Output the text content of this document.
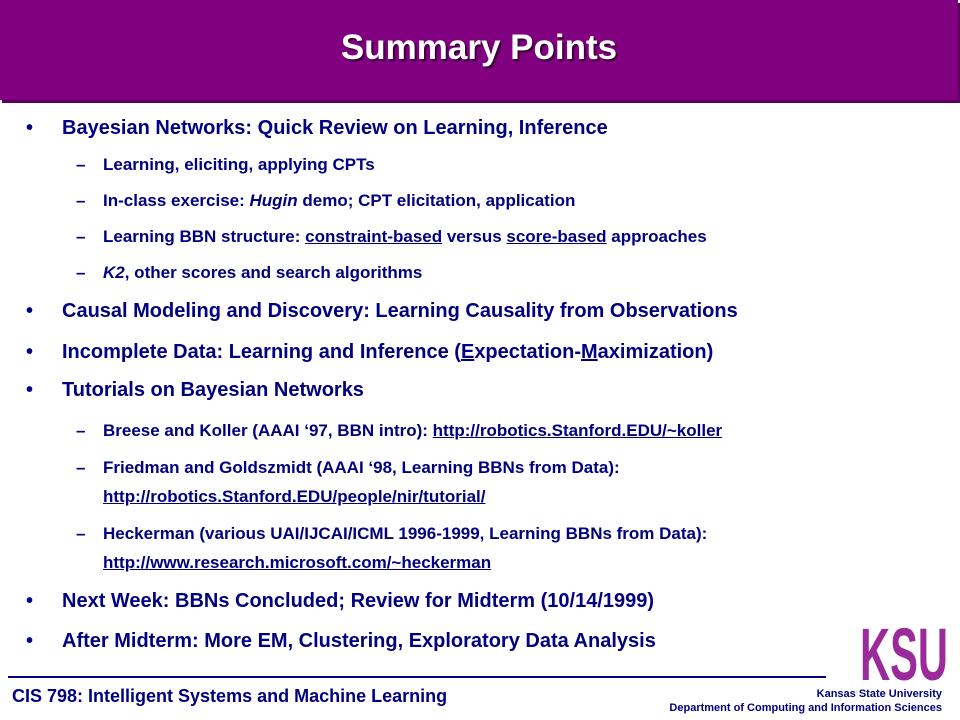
Summary Points
• Bayesian Networks: Quick Review on Learning, Inference
– Learning, eliciting, applying CPTs
– In-class exercise: Hugin demo; CPT elicitation, application
– Learning BBN structure: constraint-based versus score-based approaches
– K2, other scores and search algorithms
• Causal Modeling and Discovery: Learning Causality from Observations
• Incomplete Data: Learning and Inference (Expectation-Maximization)
• Tutorials on Bayesian Networks
– Breese and Koller (AAAI ‘97, BBN intro): http://robotics.Stanford.EDU/~koller
– Friedman and Goldszmidt (AAAI ‘98, Learning BBNs from Data):
http://robotics.Stanford.EDU/people/nir/tutorial/
– Heckerman (various UAI/IJCAI/ICML 1996-1999, Learning BBNs from Data):
http://www.research.microsoft.com/~heckerman
• Next Week: BBNs Concluded; Review for Midterm (10/14/1999)
• After Midterm: More EM, Clustering, Exploratory Data Analysis
CIS 798: Intelligent Systems and Machine Learning	Kansas State University
Department of Computing and Information Sciences
KSU
